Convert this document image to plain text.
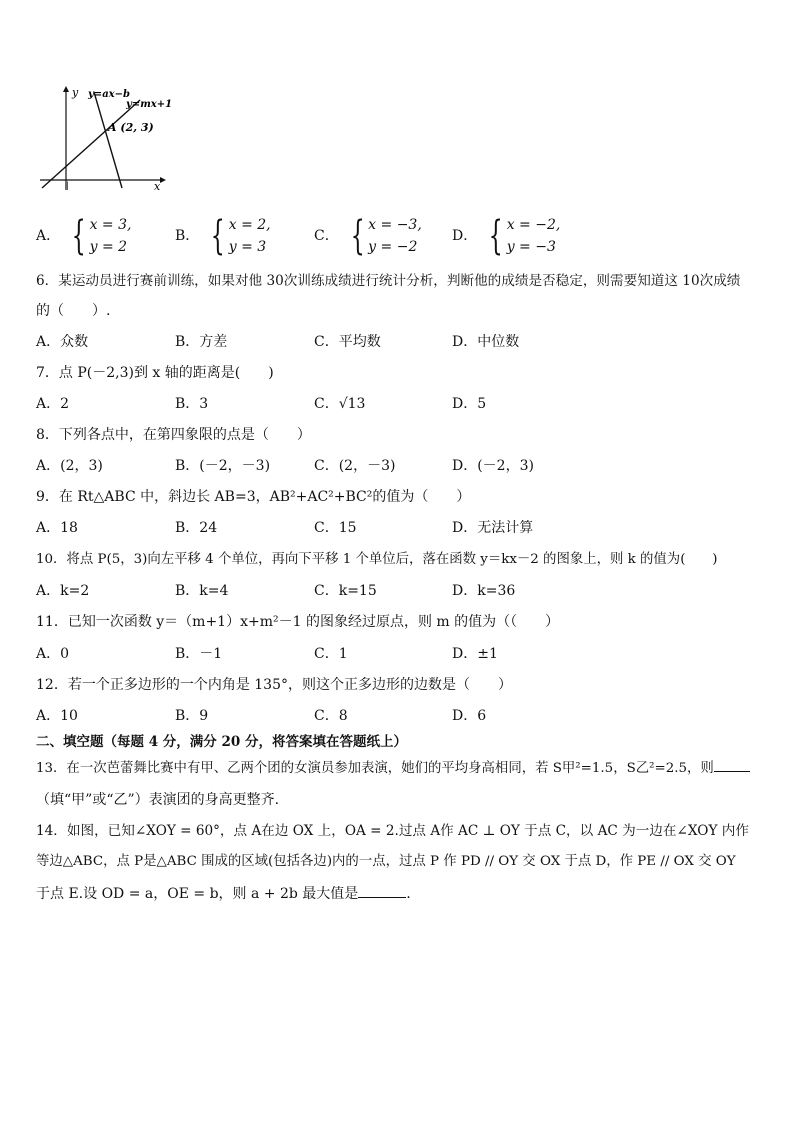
y
x
y=ax−b
y=mx+1
A (2, 3)
|
A． { x = 3,
y = 2
B． { x = 2,
y = 3
C． { x = −3,
y = −2
D． { x = −2,
y = −3
6．某运动员进行赛前训练，如果对他 30次训练成绩进行统计分析，判断他的成绩是否稳定，则需要知道这 10次成绩
的（　　）.
A．众数	B．方差	C．平均数	D．中位数
7．点 P(－2,3)到 x 轴的距离是(　　)
A．2	B．3	C．√13	D．5
8．下列各点中，在第四象限的点是（　　）
A．(2，3)	B．(－2，－3)	C．(2，－3)	D．(－2，3)
9．在 Rt△ABC 中，斜边长 AB=3，AB²+AC²+BC²的值为（　　）
A．18	B．24	C．15	D．无法计算
10．将点 P(5，3)向左平移 4 个单位，再向下平移 1 个单位后，落在函数 y＝kx－2 的图象上，则 k 的值为(　　)
A．k=2	B．k=4	C．k=15	D．k=36
11．已知一次函数 y＝（m+1）x+m²－1 的图象经过原点，则 m 的值为（（　　）
A．0	B．－1	C．1	D．±1
12．若一个正多边形的一个内角是 135°，则这个正多边形的边数是（　　）
A．10	B．9	C．8	D．6
二、填空题（每题 4 分，满分 20 分，将答案填在答题纸上）
13．在一次芭蕾舞比赛中有甲、乙两个团的女演员参加表演，她们的平均身高相同，若 S甲²=1.5，S乙²=2.5，则
（填“甲”或“乙”）表演团的身高更整齐.
14．如图，已知∠XOY = 60°，点 A在边 OX 上，OA = 2.过点 A作 AC ⊥ OY 于点 C，以 AC 为一边在∠XOY 内作
等边△ABC，点 P是△ABC 围成的区域(包括各边)内的一点，过点 P 作 PD // OY 交 OX 于点 D，作 PE // OX 交 OY
于点 E.设 OD = a，OE = b，则 a + 2b 最大值是	.
